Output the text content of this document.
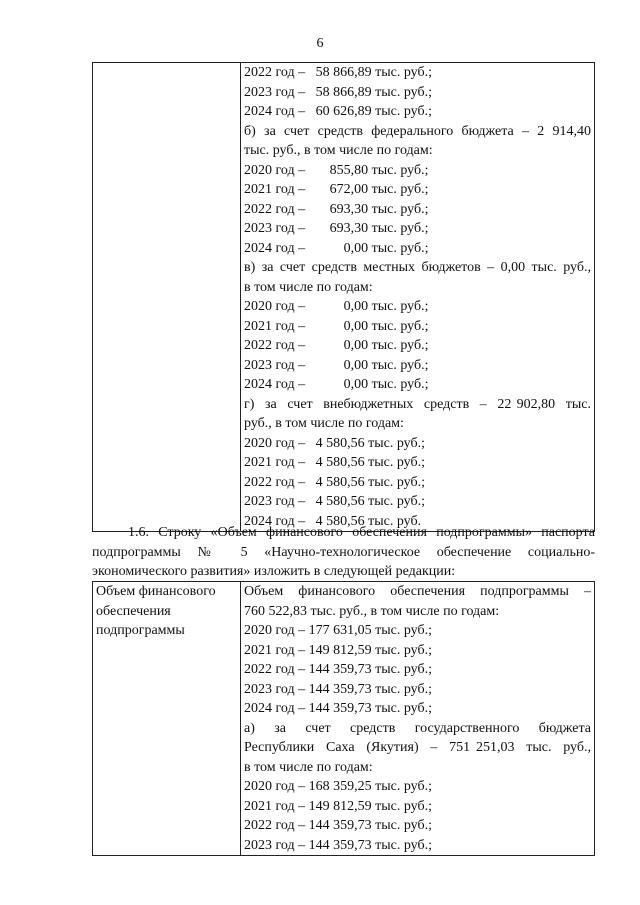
6

2022 год –   58 866,89 тыс. руб.;
2023 год –   58 866,89 тыс. руб.;
2024 год –   60 626,89 тыс. руб.;
б) за счет средств федерального бюджета – 2 914,40
тыс. руб., в том числе по годам:
2020 год –       855,80 тыс. руб.;
2021 год –       672,00 тыс. руб.;
2022 год –       693,30 тыс. руб.;
2023 год –       693,30 тыс. руб.;
2024 год –           0,00 тыс. руб.;
в) за счет средств местных бюджетов – 0,00 тыс. руб.,
в том числе по годам:
2020 год –           0,00 тыс. руб.;
2021 год –           0,00 тыс. руб.;
2022 год –           0,00 тыс. руб.;
2023 год –           0,00 тыс. руб.;
2024 год –           0,00 тыс. руб.;
г)  за  счет  внебюджетных  средств  –  22 902,80  тыс.
руб., в том числе по годам:
2020 год –   4 580,56 тыс. руб.;
2021 год –   4 580,56 тыс. руб.;
2022 год –   4 580,56 тыс. руб.;
2023 год –   4 580,56 тыс. руб.;
2024 год –   4 580,56 тыс. руб.
1.6. Строку «Объем финансового обеспечения подпрограммы» паспорта подпрограммы № 5 «Научно-технологическое обеспечение социально-экономического развития» изложить в следующей редакции:
Объем финансового
обеспечения
подпрограммы

Объем  финансового  обеспечения  подпрограммы  –
760 522,83 тыс. руб., в том числе по годам:
2020 год – 177 631,05 тыс. руб.;
2021 год – 149 812,59 тыс. руб.;
2022 год – 144 359,73 тыс. руб.;
2023 год – 144 359,73 тыс. руб.;
2024 год – 144 359,73 тыс. руб.;
а)  за  счет  средств  государственного  бюджета
Республики  Саха  (Якутия)  –  751 251,03  тыс.  руб.,
в том числе по годам:
2020 год – 168 359,25 тыс. руб.;
2021 год – 149 812,59 тыс. руб.;
2022 год – 144 359,73 тыс. руб.;
2023 год – 144 359,73 тыс. руб.;
